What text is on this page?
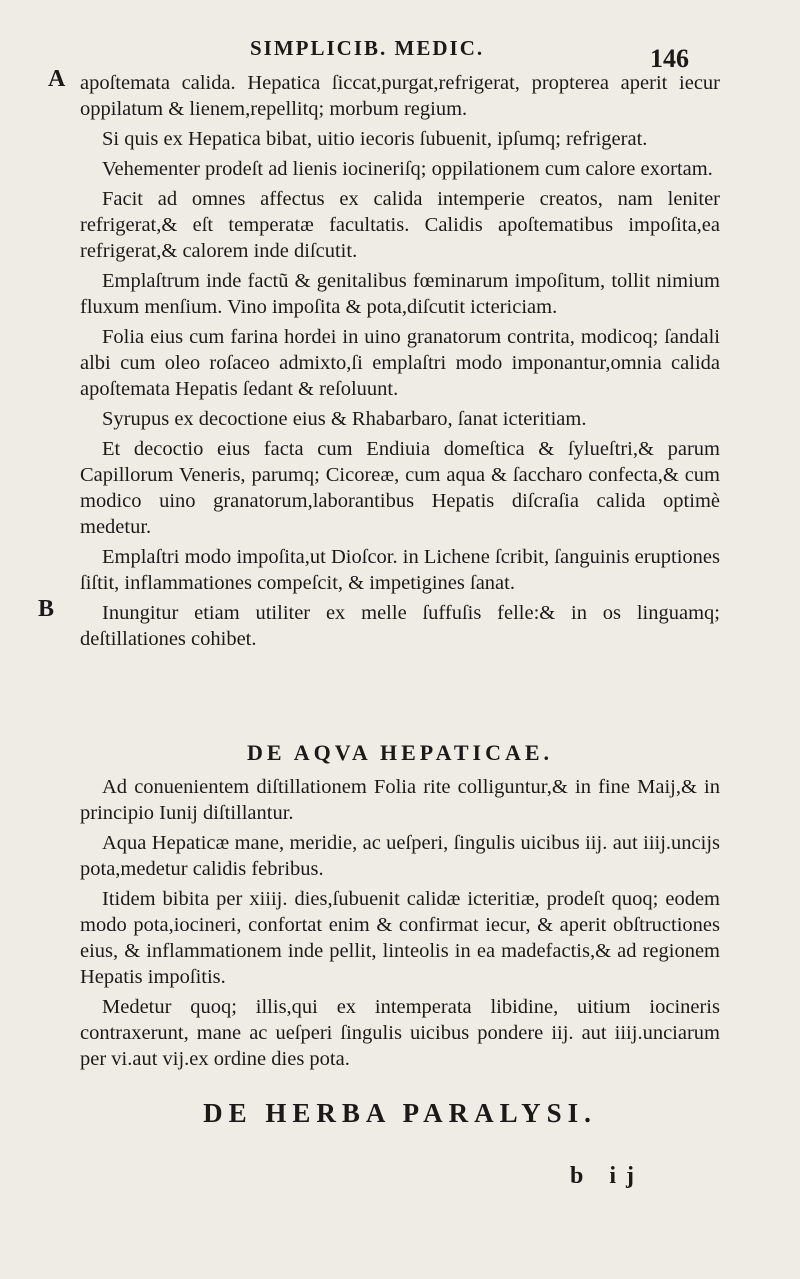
SIMPLICIB. MEDIC.	146
A
B

apoſtemata calida. Hepatica ſiccat,purgat,refrigerat, propterea aperit iecur oppilatum & lienem,repellitq; morbum regium.

Si quis ex Hepatica bibat, uitio iecoris ſubuenit, ipſumq; refrigerat.

Vehementer prodeſt ad lienis iocineriſq; oppilationem cum calore exortam.

Facit ad omnes affectus ex calida intemperie creatos, nam leniter refrigerat,& eſt temperatæ facultatis. Calidis apoſtematibus impoſita,ea refrigerat,& calorem inde diſcutit.

Emplaſtrum inde factũ & genitalibus fœminarum impoſitum, tollit nimium fluxum menſium. Vino impoſita & pota,diſcutit ictericiam.

Folia eius cum farina hordei in uino granatorum contrita, modicoq; ſandali albi cum oleo roſaceo admixto,ſi emplaſtri modo imponantur,omnia calida apoſtemata Hepatis ſedant & reſoluunt.

Syrupus ex decoctione eius & Rhabarbaro, ſanat icteritiam.

Et decoctio eius facta cum Endiuia domeſtica & ſylueſtri,& parum Capillorum Veneris, parumq; Cicoreæ, cum aqua & ſaccharo confecta,& cum modico uino granatorum,laborantibus Hepatis diſcraſia calida optimè medetur.

Emplaſtri modo impoſita,ut Dioſcor. in Lichene ſcribit, ſanguinis eruptiones ſiſtit, inflammationes compeſcit, & impetigines ſanat.

Inungitur etiam utiliter ex melle ſuffuſis felle:& in os linguamq; deſtillationes cohibet.

DE AQVA HEPATICAE.

Ad conuenientem diſtillationem Folia rite colliguntur,& in fine Maij,& in principio Iunij diſtillantur.

Aqua Hepaticæ mane, meridie, ac ueſperi, ſingulis uicibus iij. aut iiij.uncijs pota,medetur calidis febribus.

Itidem bibita per xiiij. dies,ſubuenit calidæ icteritiæ, prodeſt quoq; eodem modo pota,iocineri, confortat enim & confirmat iecur, & aperit obſtructiones eius, & inflammationem inde pellit, linteolis in ea madefactis,& ad regionem Hepatis impoſitis.

Medetur quoq; illis,qui ex intemperata libidine, uitium iocineris contraxerunt, mane ac ueſperi ſingulis uicibus pondere iij. aut iiij.unciarum per vi.aut vij.ex ordine dies pota.

DE HERBA PARALYSI.
b ij
